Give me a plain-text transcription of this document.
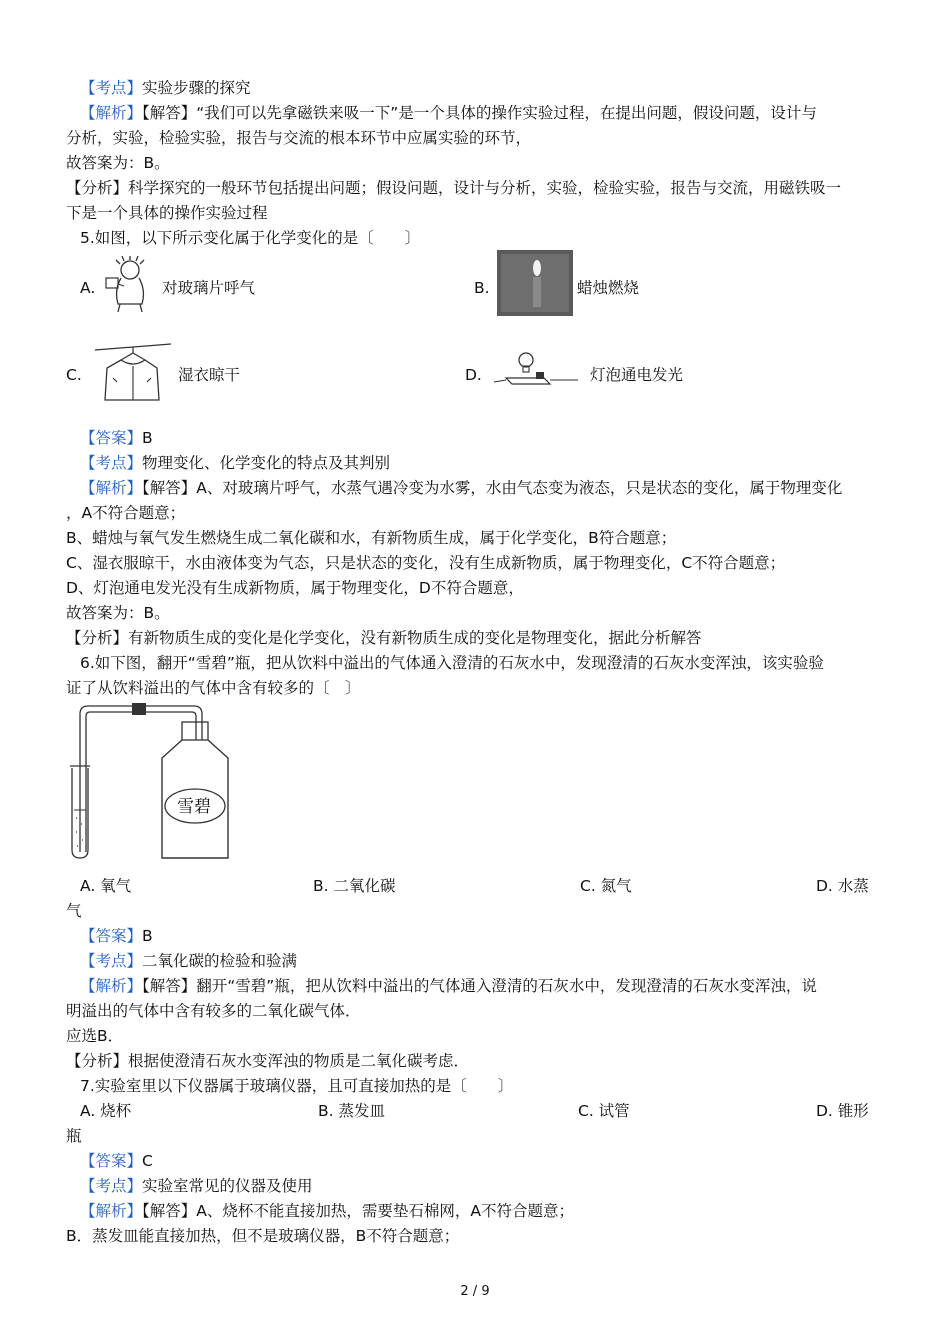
【考点】实验步骤的探究
【解析】【解答】“我们可以先拿磁铁来吸一下”是一个具体的操作实验过程，在提出问题，假设问题，设计与
分析，实验，检验实验，报告与交流的根本环节中应属实验的环节，
故答案为：B。
【分析】科学探究的一般环节包括提出问题；假设问题，设计与分析，实验，检验实验，报告与交流，用磁铁吸一
下是一个具体的操作实验过程
5.如图，以下所示变化属于化学变化的是〔　　〕
A.	对玻璃片呼气	B.	蜡烛燃烧
C.	湿衣晾干	D.	灯泡通电发光
【答案】B
【考点】物理变化、化学变化的特点及其判别
【解析】【解答】A、对玻璃片呼气，水蒸气遇冷变为水雾，水由气态变为液态，只是状态的变化，属于物理变化
，A不符合题意；
B、蜡烛与氧气发生燃烧生成二氧化碳和水，有新物质生成，属于化学变化，B符合题意；
C、湿衣服晾干，水由液体变为气态，只是状态的变化，没有生成新物质，属于物理变化，C不符合题意；
D、灯泡通电发光没有生成新物质，属于物理变化，D不符合题意，
故答案为：B。
【分析】有新物质生成的变化是化学变化，没有新物质生成的变化是物理变化，据此分析解答
6.如下图，翻开“雪碧”瓶，把从饮料中溢出的气体通入澄清的石灰水中，发现澄清的石灰水变浑浊，该实验验
证了从饮料溢出的气体中含有较多的〔　〕
雪碧
A. 氧气	B. 二氧化碳	C. 氮气	D. 水蒸
气
【答案】B
【考点】二氧化碳的检验和验满
【解析】【解答】翻开“雪碧”瓶，把从饮料中溢出的气体通入澄清的石灰水中，发现澄清的石灰水变浑浊，说
明溢出的气体中含有较多的二氧化碳气体．
应选B．
【分析】根据使澄清石灰水变浑浊的物质是二氧化碳考虑．
7.实验室里以下仪器属于玻璃仪器，且可直接加热的是〔　　〕
A. 烧杯	B. 蒸发皿	C. 试管	D. 锥形
瓶
【答案】C
【考点】实验室常见的仪器及使用
【解析】【解答】A、烧杯不能直接加热，需要垫石棉网，A不符合题意；
B．蒸发皿能直接加热，但不是玻璃仪器，B不符合题意；
2 / 9
